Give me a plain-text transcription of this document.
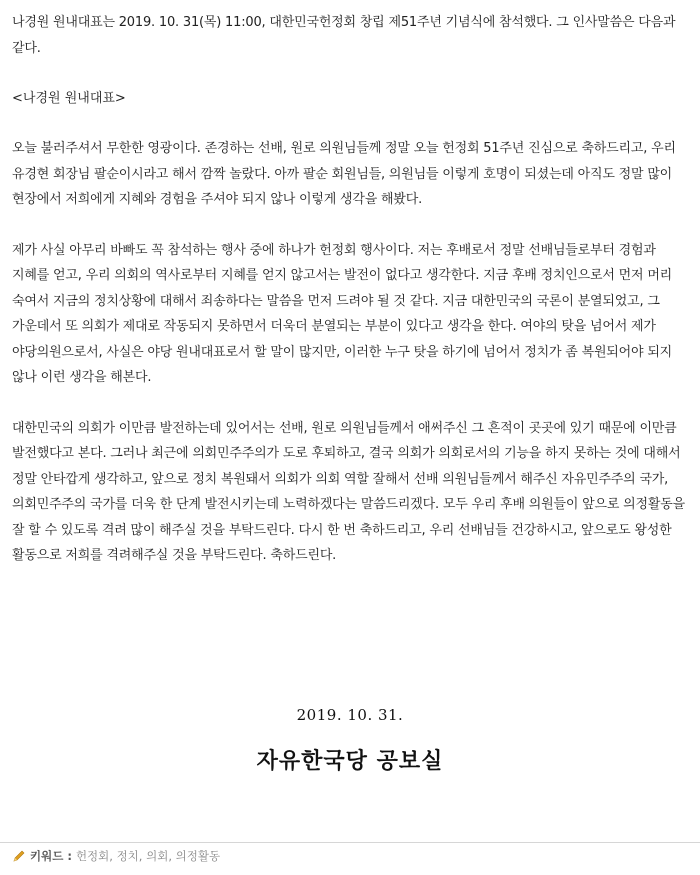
나경원 원내대표는 2019. 10. 31(목) 11:00, 대한민국헌정회 창립 제51주년 기념식에 참석했다. 그 인사말씀은 다음과 같다.

<나경원 원내대표>

오늘 불러주셔서 무한한 영광이다. 존경하는 선배, 원로 의원님들께 정말 오늘 헌정회 51주년 진심으로 축하드리고, 우리 유경현 회장님 팔순이시라고 해서 깜짝 놀랐다. 아까 팔순 회원님들, 의원님들 이렇게 호명이 되셨는데 아직도 정말 많이 현장에서 저희에게 지혜와 경험을 주셔야 되지 않나 이렇게 생각을 해봤다.

제가 사실 아무리 바빠도 꼭 참석하는 행사 중에 하나가 헌정회 행사이다. 저는 후배로서 정말 선배님들로부터 경험과 지혜를 얻고, 우리 의회의 역사로부터 지혜를 얻지 않고서는 발전이 없다고 생각한다. 지금 후배 정치인으로서 먼저 머리 숙여서 지금의 정치상황에 대해서 죄송하다는 말씀을 먼저 드려야 될 것 같다. 지금 대한민국의 국론이 분열되었고, 그 가운데서 또 의회가 제대로 작동되지 못하면서 더욱더 분열되는 부분이 있다고 생각을 한다. 여야의 탓을 넘어서 제가 야당의원으로서, 사실은 야당 원내대표로서 할 말이 많지만, 이러한 누구 탓을 하기에 넘어서 정치가 좀 복원되어야 되지 않나 이런 생각을 해본다.

대한민국의 의회가 이만큼 발전하는데 있어서는 선배, 원로 의원님들께서 애써주신 그 흔적이 곳곳에 있기 때문에 이만큼 발전했다고 본다. 그러나 최근에 의회민주주의가 도로 후퇴하고, 결국 의회가 의회로서의 기능을 하지 못하는 것에 대해서 정말 안타깝게 생각하고, 앞으로 정치 복원돼서 의회가 의회 역할 잘해서 선배 의원님들께서 해주신 자유민주주의 국가, 의회민주주의 국가를 더욱 한 단계 발전시키는데 노력하겠다는 말씀드리겠다. 모두 우리 후배 의원들이 앞으로 의정활동을 잘 할 수 있도록 격려 많이 해주실 것을 부탁드린다. 다시 한 번 축하드리고, 우리 선배님들 건강하시고, 앞으로도 왕성한 활동으로 저희를 격려해주실 것을 부탁드린다. 축하드린다.

2019. 10. 31.
자유한국당 공보실
키워드 : 헌정회, 정치, 의회, 의정활동
